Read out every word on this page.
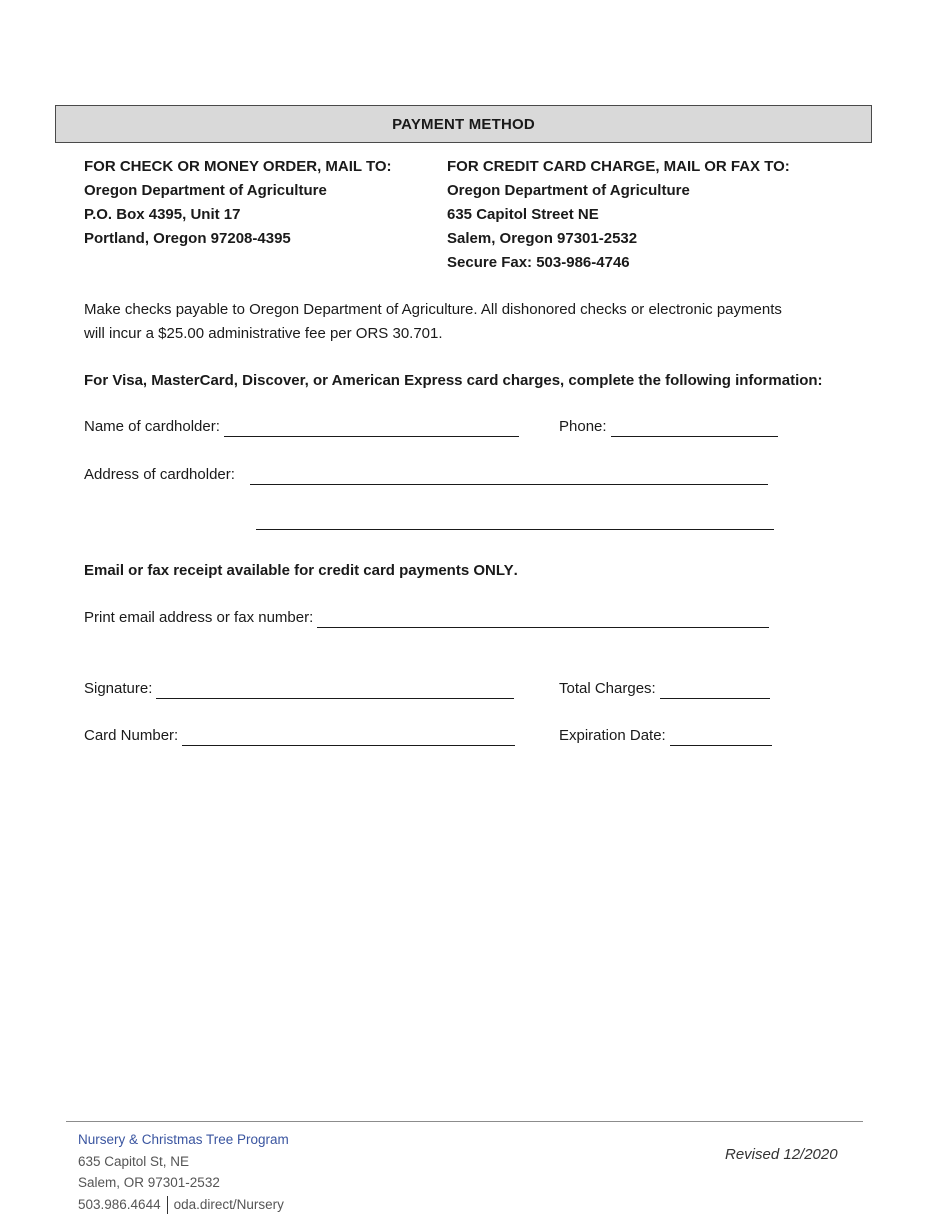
PAYMENT METHOD
FOR CHECK OR MONEY ORDER, MAIL TO:
Oregon Department of Agriculture
P.O. Box 4395, Unit 17
Portland, Oregon 97208-4395
FOR CREDIT CARD CHARGE, MAIL OR FAX TO:
Oregon Department of Agriculture
635 Capitol Street NE
Salem, Oregon 97301-2532
Secure Fax: 503-986-4746
Make checks payable to Oregon Department of Agriculture. All dishonored checks or electronic payments
will incur a $25.00 administrative fee per ORS 30.701.
For Visa, MasterCard, Discover, or American Express card charges, complete the following information:
Name of cardholder:	Phone:
Address of cardholder:
Email or fax receipt available for credit card payments ONLY.
Print email address or fax number:
Signature:	Total Charges:
Card Number:	Expiration Date:
Nursery & Christmas Tree Program
635 Capitol St, NE
Salem, OR 97301-2532
503.986.4644 oda.direct/Nursery
Revised 12/2020
